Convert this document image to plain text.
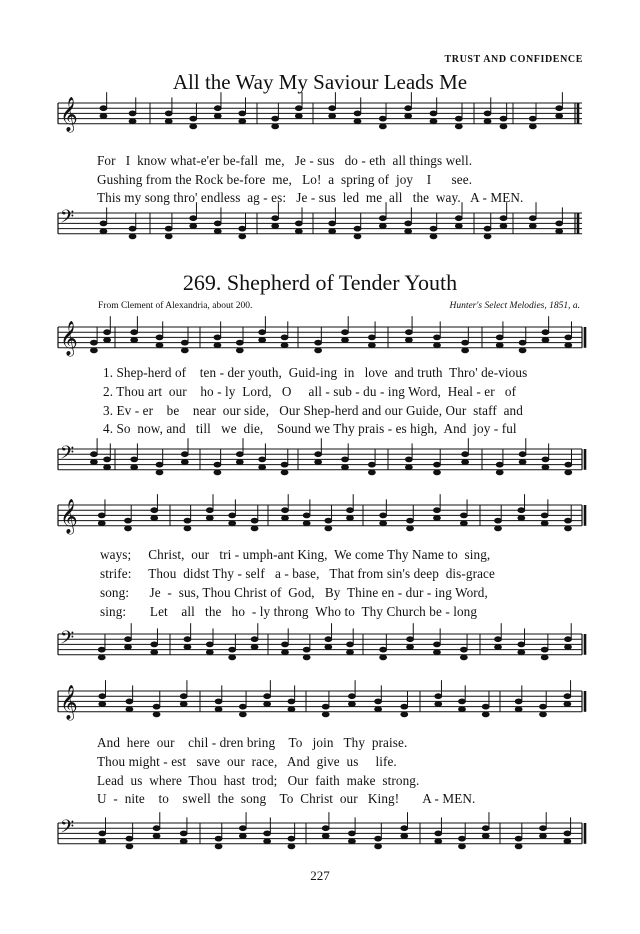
TRUST AND CONFIDENCE
All the Way My Saviour Leads Me
𝄞
𝄢
𝄞
𝄢
𝄞
𝄢
𝄞
𝄢
For   I  know what-e'er be-fall  me,   Je - sus   do - eth  all things well.
Gushing from the Rock be-fore  me,   Lo!  a  spring of  joy    I      see.
This my song thro' endless  ag - es:   Je - sus  led  me  all   the  way.   A - MEN.
269. Shepherd of Tender Youth
From Clement of Alexandria, about 200.	Hunter's Select Melodies, 1851, a.
1. Shep-herd of    ten - der youth,  Guid-ing  in   love  and truth  Thro' de-vious
2. Thou art  our    ho - ly  Lord,   O     all - sub - du - ing Word,  Heal - er   of
3. Ev - er    be    near  our side,   Our Shep-herd and our Guide, Our  staff  and
4. So  now, and   till   we  die,    Sound we Thy prais - es high,  And  joy - ful
ways;     Christ,  our   tri - umph-ant King,  We come Thy Name to  sing,
strife:     Thou  didst Thy - self   a - base,   That from sin's deep  dis-grace
song:      Je  -  sus, Thou Christ of  God,   By  Thine en - dur - ing Word,
sing:       Let    all   the   ho  - ly throng  Who to  Thy Church be - long
And  here  our    chil - dren bring    To   join   Thy  praise.
Thou might - est   save  our  race,   And  give  us     life.
Lead  us  where  Thou  hast  trod;   Our  faith  make  strong.
U  -  nite    to    swell  the  song    To  Christ  our   King!       A - MEN.
227
